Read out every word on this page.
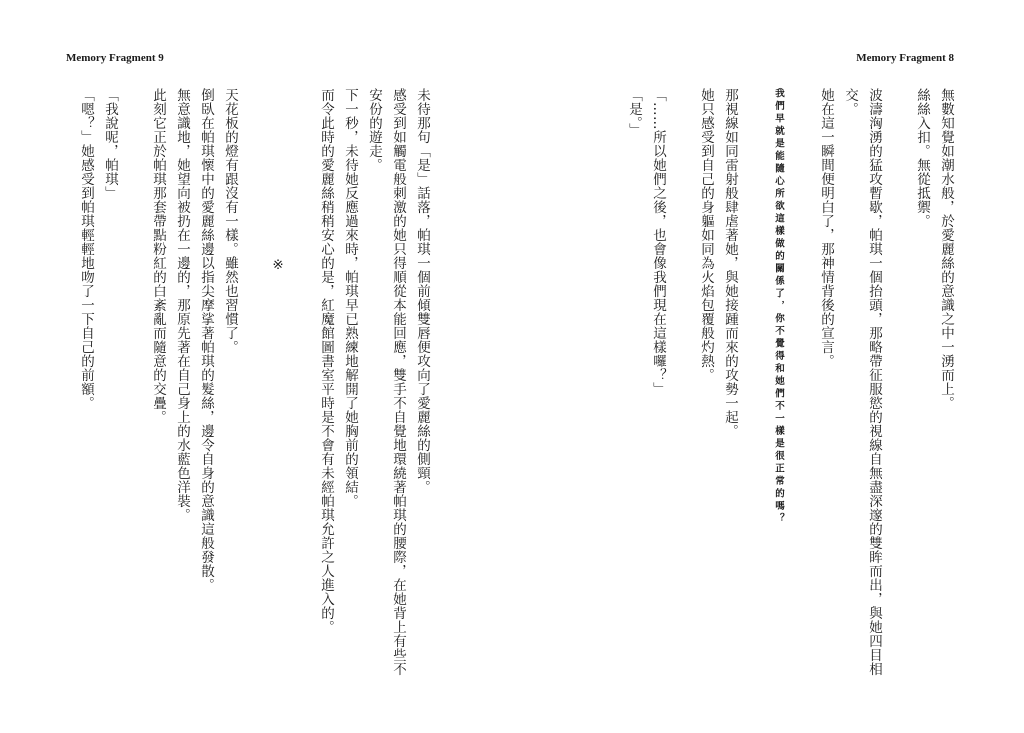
Memory Fragment 9	Memory Fragment 8

無數知覺如潮水般，於愛麗絲的意識之中一湧而上。

絲絲入扣。無從抵禦。

波濤洶湧的猛攻暫歇，帕琪一個抬頭，那略帶征服慾的視線自無盡深邃的雙眸而出，與她四目相交。

她在這一瞬間便明白了，那神情背後的宣言。

我們早就是能隨心所欲這樣做的關係了，你不覺得和她們不一樣是很正常的嗎？

那視線如同雷射般肆虐著她，與她接踵而來的攻勢一起。

她只感受到自己的身軀如同為火焰包覆般灼熱。

「……所以她們之後，也會像我們現在這樣囉？」

「是。」

未待那句「是」話落，帕琪一個前傾雙唇便攻向了愛麗絲的側頸。

感受到如觸電般刺激的她只得順從本能回應，雙手不自覺地環繞著帕琪的腰際，在她背上有些不安份的遊走。

下一秒，未待她反應過來時，帕琪早已熟練地解開了她胸前的領結。

而令此時的愛麗絲稍稍安心的是，紅魔館圖書室平時是不會有未經帕琪允許之人進入的。

※

天花板的燈有跟沒有一樣。雖然也習慣了。

倒臥在帕琪懷中的愛麗絲邊以指尖摩挲著帕琪的髮絲，邊令自身的意識這般發散。

無意識地，她望向被扔在一邊的，那原先著在自己身上的水藍色洋裝。

此刻它正於帕琪那套帶點粉紅的白紊亂而隨意的交疊。

「我說呢，帕琪」

「嗯？」她感受到帕琪輕輕地吻了一下自己的前額。
